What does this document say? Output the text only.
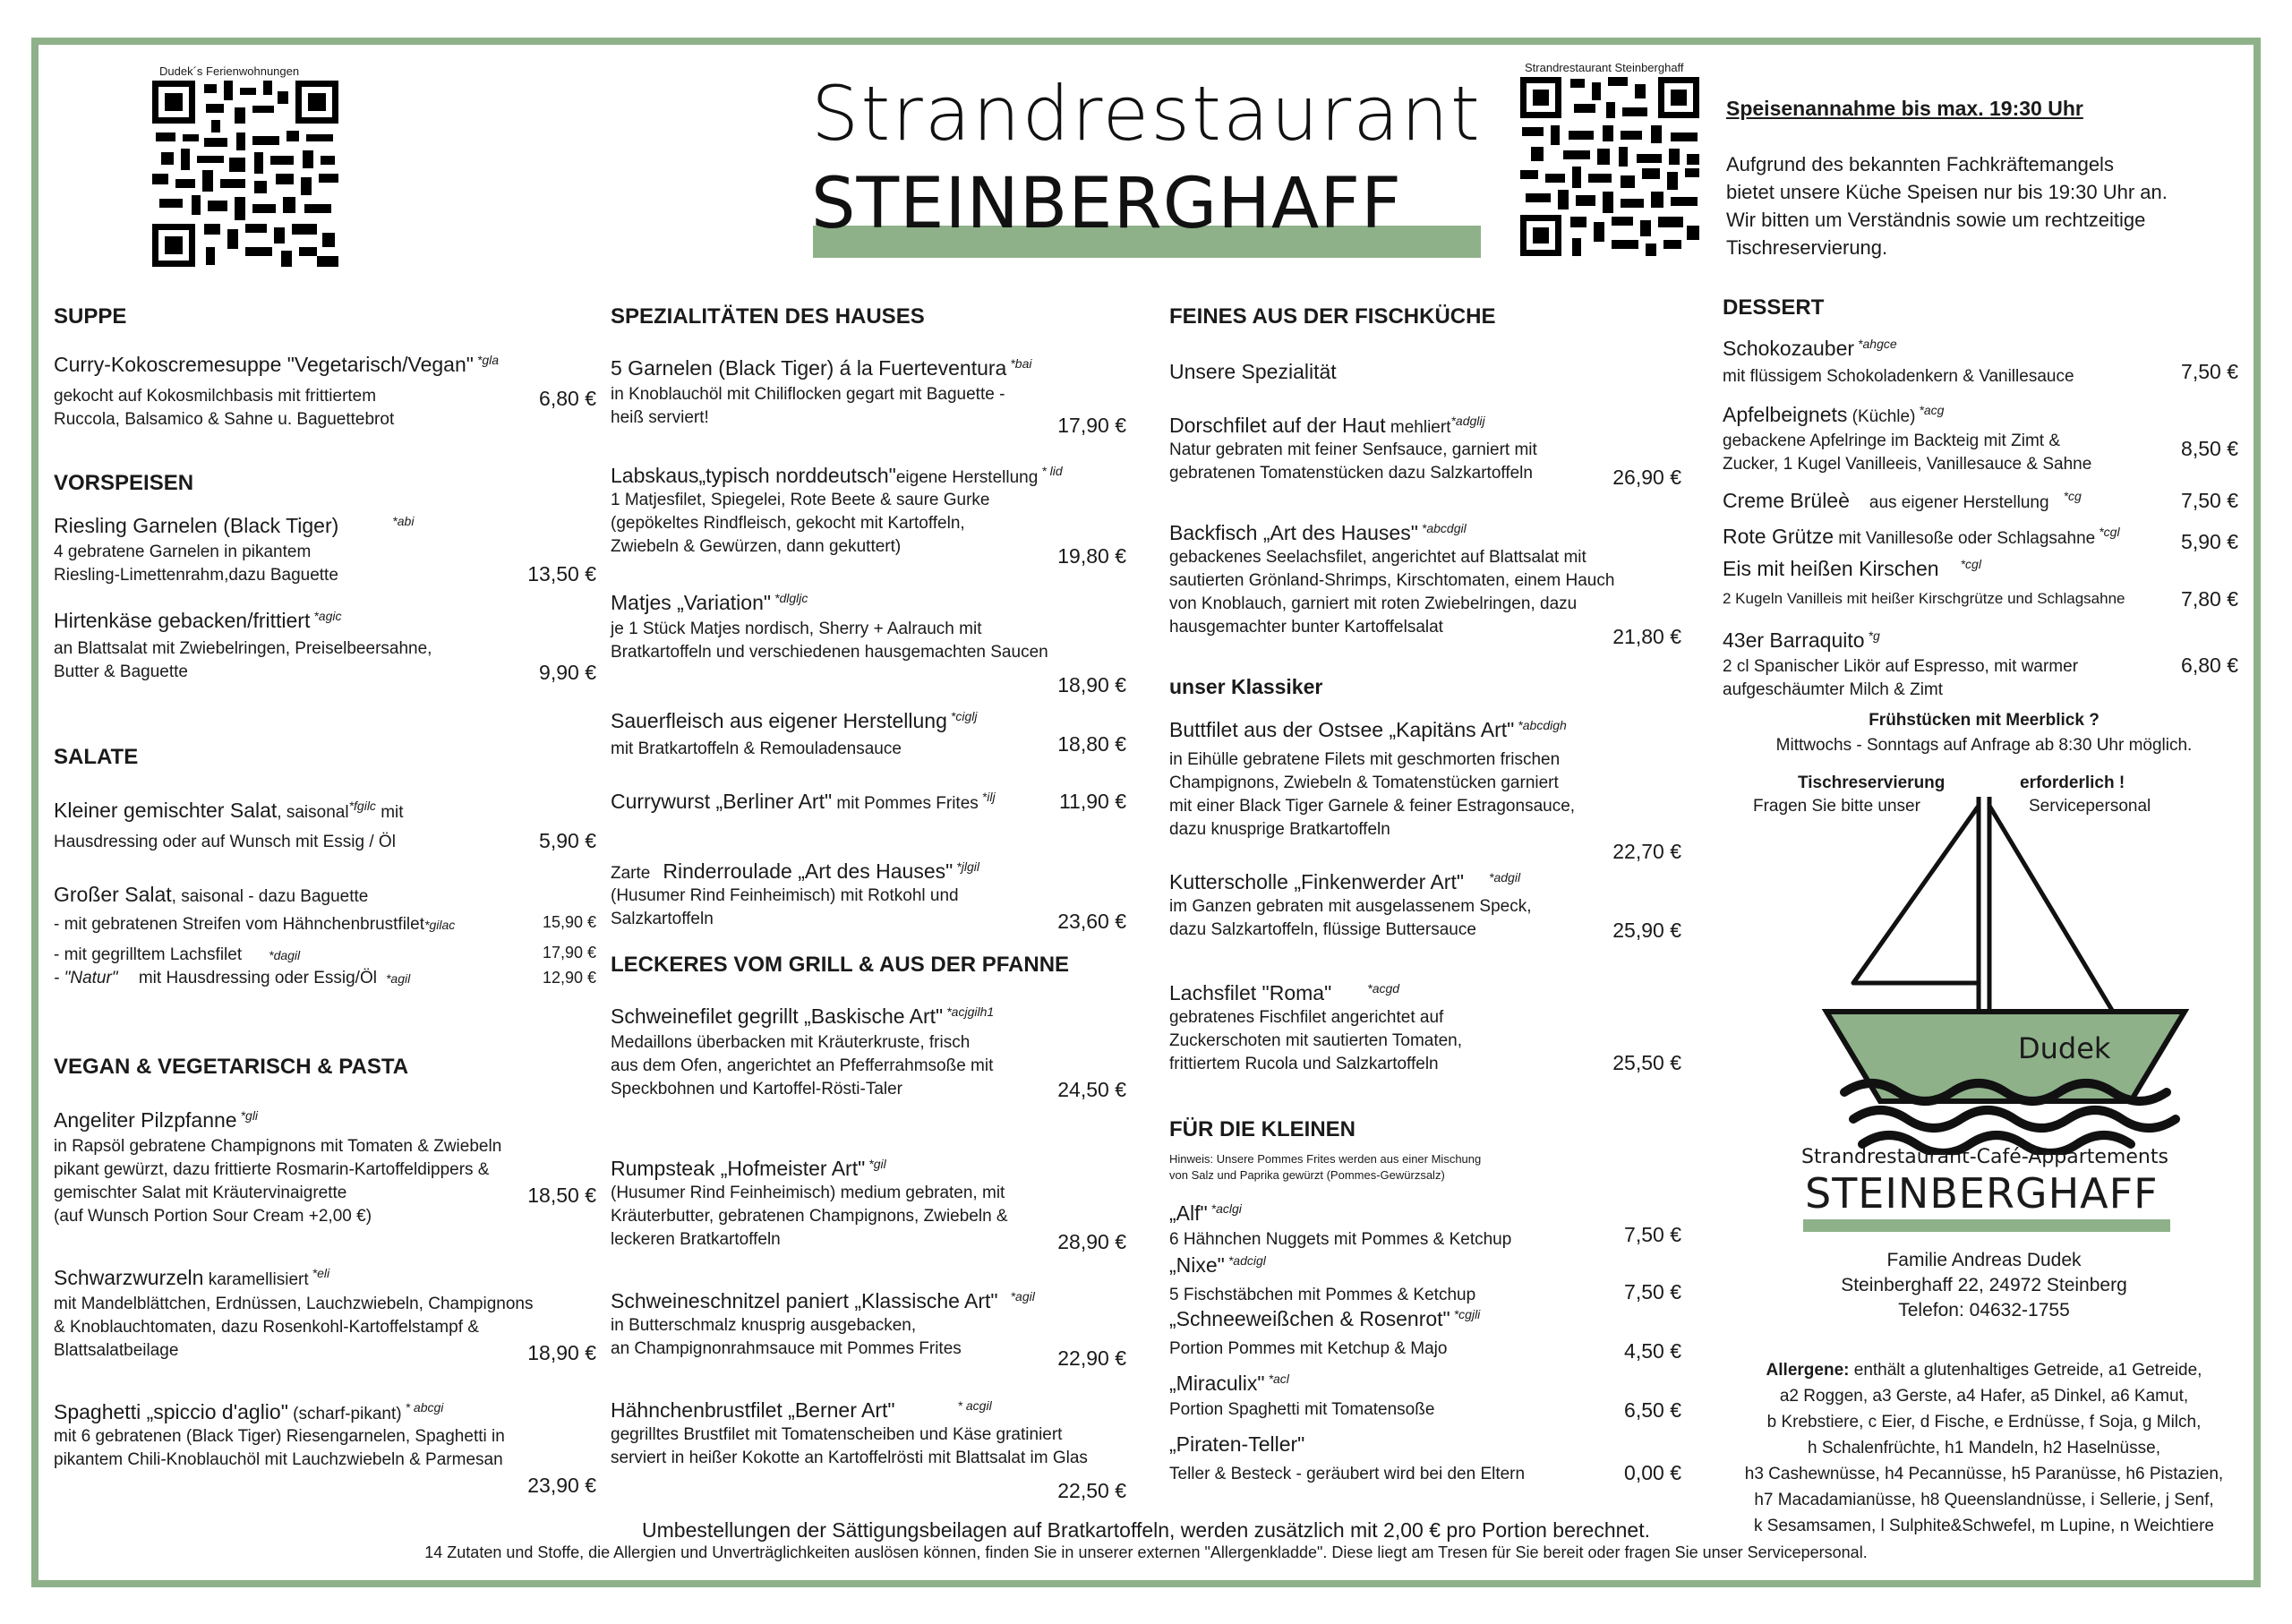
Dudek´s Ferienwohnungen	Strandrestaurant Steinberghaff
Strandrestaurant
STEINBERGHAFF
Speisenannahme bis max. 19:30 Uhr
Aufgrund des bekannten Fachkräftemangels
bietet unsere Küche Speisen nur bis 19:30 Uhr an.
Wir bitten um Verständnis sowie um rechtzeitige
Tischreservierung.
SUPPE
Curry-Kokoscremesuppe "Vegetarisch/Vegan" $^{*gla}$
gekocht auf Kokosmilchbasis mit frittiertem
Ruccola, Balsamico & Sahne u. Baguettebrot
6,80 €
VORSPEISEN
Riesling Garnelen (Black Tiger)	$^{*abi}$
4 gebratene Garnelen in pikantem
Riesling-Limettenrahm,dazu Baguette	13,50 €
Hirtenkäse gebacken/frittiert $^{*agic}$
an Blattsalat mit Zwiebelringen, Preiselbeersahne,
Butter & Baguette	9,90 €
SALATE
Kleiner gemischter Salat, saisonal$^{*fgilc}$ mit
Hausdressing oder auf Wunsch mit Essig / Öl	5,90 €
Großer Salat, saisonal - dazu Baguette
- mit gebratenen Streifen vom Hähnchenbrustfilet*gilac	15,90 €
- mit gegrilltem Lachsfilet *dagil	17,90 €
- "Natur" mit Hausdressing oder Essig/Öl *agil	12,90 €
VEGAN & VEGETARISCH & PASTA
Angeliter Pilzpfanne $^{*gli}$
in Rapsöl gebratene Champignons mit Tomaten & Zwiebeln
pikant gewürzt, dazu frittierte Rosmarin-Kartoffeldippers &
gemischter Salat mit Kräutervinaigrette
(auf Wunsch Portion Sour Cream +2,00 €)
18,50 €
Schwarzwurzeln karamellisiert $^{*eli}$
mit Mandelblättchen, Erdnüssen, Lauchzwiebeln, Champignons
& Knoblauchtomaten, dazu Rosenkohl-Kartoffelstampf &
Blattsalatbeilage	18,90 €
Spaghetti „spiccio d'aglio" (scharf-pikant) $^{* abcgi}$
mit 6 gebratenen (Black Tiger) Riesengarnelen, Spaghetti in
pikantem Chili-Knoblauchöl mit Lauchzwiebeln & Parmesan
23,90 €
SPEZIALITÄTEN DES HAUSES
5 Garnelen (Black Tiger) á la Fuerteventura $^{*bai}$
in Knoblauchöl mit Chiliflocken gegart mit Baguette -
heiß serviert!	17,90 €
Labskaus„typisch norddeutsch"eigene Herstellung $^{* lid}$
1 Matjesfilet, Spiegelei, Rote Beete & saure Gurke
(gepökeltes Rindfleisch, gekocht mit Kartoffeln,
Zwiebeln & Gewürzen, dann gekuttert)	19,80 €
Matjes „Variation" $^{*dlgljc}$
je 1 Stück Matjes nordisch, Sherry + Aalrauch mit
Bratkartoffeln und verschiedenen hausgemachten Saucen
18,90 €
Sauerfleisch aus eigener Herstellung $^{*ciglj}$
mit Bratkartoffeln & Remouladensauce	18,80 €
Currywurst „Berliner Art" mit Pommes Frites $^{*ilj}$	11,90 €
Zarte Rinderroulade „Art des Hauses" $^{*jlgil}$
(Husumer Rind Feinheimisch) mit Rotkohl und
Salzkartoffeln	23,60 €
LECKERES VOM GRILL & AUS DER PFANNE
Schweinefilet gegrillt „Baskische Art" $^{*acjgilh1}$
Medaillons überbacken mit Kräuterkruste, frisch
aus dem Ofen, angerichtet an Pfefferrahmsoße mit
Speckbohnen und Kartoffel-Rösti-Taler	24,50 €
Rumpsteak „Hofmeister Art" $^{*gil}$
(Husumer Rind Feinheimisch) medium gebraten, mit
Kräuterbutter, gebratenen Champignons, Zwiebeln &
leckeren Bratkartoffeln	28,90 €
Schweineschnitzel paniert „Klassische Art" $^{*agil}$
in Butterschmalz knusprig ausgebacken,
an Champignonrahmsauce mit Pommes Frites	22,90 €
Hähnchenbrustfilet „Berner Art"	$^{* acgil}$
gegrilltes Brustfilet mit Tomatenscheiben und Käse gratiniert
serviert in heißer Kokotte an Kartoffelrösti mit Blattsalat im Glas
22,50 €
FEINES AUS DER FISCHKÜCHE
Unsere Spezialität
Dorschfilet auf der Haut mehliert$^{*adglij}$
Natur gebraten mit feiner Senfsauce, garniert mit
gebratenen Tomatenstücken dazu Salzkartoffeln	26,90 €
Backfisch „Art des Hauses" $^{*abcdgil}$
gebackenes Seelachsfilet, angerichtet auf Blattsalat mit
sautierten Grönland-Shrimps, Kirschtomaten, einem Hauch
von Knoblauch, garniert mit roten Zwiebelringen, dazu
hausgemachter bunter Kartoffelsalat	21,80 €
unser Klassiker
Buttfilet aus der Ostsee „Kapitäns Art" $^{*abcdigh}$
in Eihülle gebratene Filets mit geschmorten frischen
Champignons, Zwiebeln & Tomatenstücken garniert
mit einer Black Tiger Garnele & feiner Estragonsauce,
dazu knusprige Bratkartoffeln
22,70 €
Kutterscholle „Finkenwerder Art" $^{*adgil}$
im Ganzen gebraten mit ausgelassenem Speck,
dazu Salzkartoffeln, flüssige Buttersauce	25,90 €
Lachsfilet "Roma"	$^{*acgd}$
gebratenes Fischfilet angerichtet auf
Zuckerschoten mit sautierten Tomaten,
frittiertem Rucola und Salzkartoffeln	25,50 €
FÜR DIE KLEINEN
Hinweis: Unsere Pommes Frites werden aus einer Mischung
von Salz und Paprika gewürzt (Pommes-Gewürzsalz)
„Alf" $^{*aclgi}$
6 Hähnchen Nuggets mit Pommes & Ketchup	7,50 €
„Nixe" $^{*adcigl}$
5 Fischstäbchen mit Pommes & Ketchup	7,50 €
„Schneeweißchen & Rosenrot" $^{*cgjli}$
Portion Pommes mit Ketchup & Majo	4,50 €
„Miraculix" $^{*acl}$
Portion Spaghetti mit Tomatensoße	6,50 €
„Piraten-Teller"
Teller & Besteck - geräubert wird bei den Eltern	0,00 €
DESSERT
Schokozauber $^{*ahgce}$
mit flüssigem Schokoladenkern & Vanillesauce	7,50 €
Apfelbeignets (Küchle) $^{*acg}$
gebackene Apfelringe im Backteig mit Zimt &
Zucker, 1 Kugel Vanilleeis, Vanillesauce & Sahne
8,50 €
Creme Brüleè aus eigener Herstellung $^{*cg}$	7,50 €
Rote Grütze mit Vanillesoße oder Schlagsahne $^{*cgl}$	5,90 €
Eis mit heißen Kirschen $^{*cgl}$
2 Kugeln Vanilleis mit heißer Kirschgrütze und Schlagsahne	7,80 €
43er Barraquito $^{*g}$
2 cl Spanischer Likör auf Espresso, mit warmer
aufgeschäumter Milch & Zimt
6,80 €
Frühstücken mit Meerblick ?
Mittwochs - Sonntags auf Anfrage ab 8:30 Uhr möglich.
Tischreservierung	erforderlich !
Fragen Sie bitte unser	Servicepersonal
Dudek
Strandrestaurant-Café-Appartements
STEINBERGHAFF
Familie Andreas Dudek
Steinberghaff 22, 24972 Steinberg
Telefon: 04632-1755
Allergene: enthält a glutenhaltiges Getreide, a1 Getreide,
a2 Roggen, a3 Gerste, a4 Hafer, a5 Dinkel, a6 Kamut,
b Krebstiere, c Eier, d Fische, e Erdnüsse, f Soja, g Milch,
h Schalenfrüchte, h1 Mandeln, h2 Haselnüsse,
h3 Cashewnüsse, h4 Pecannüsse, h5 Paranüsse, h6 Pistazien,
h7 Macadamianüsse, h8 Queenslandnüsse, i Sellerie, j Senf,
k Sesamsamen, l Sulphite&Schwefel, m Lupine, n Weichtiere
Umbestellungen der Sättigungsbeilagen auf Bratkartoffeln, werden zusätzlich mit 2,00 € pro Portion berechnet.
14 Zutaten und Stoffe, die Allergien und Unverträglichkeiten auslösen können, finden Sie in unserer externen "Allergenkladde". Diese liegt am Tresen für Sie bereit oder fragen Sie unser Servicepersonal.
